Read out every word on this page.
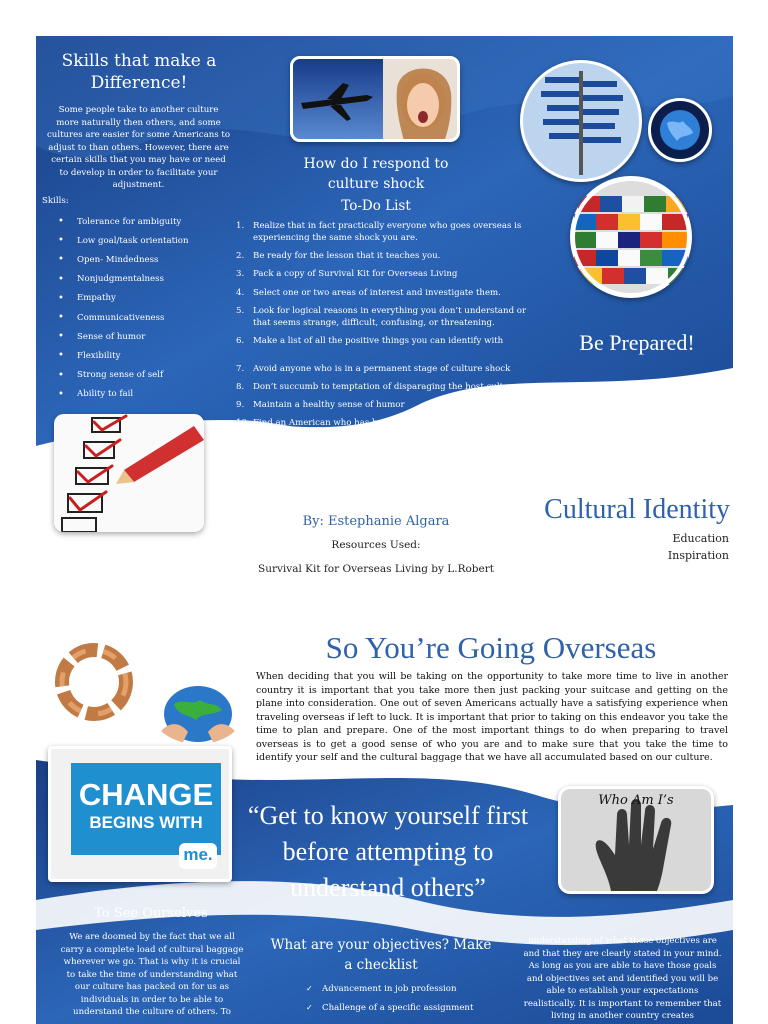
Skills that make a Difference!
Some people take to another culture more naturally then others, and some cultures are easier for some Americans to adjust to than others. However, there are certain skills that you may have or need to develop in order to facilitate your adjustment.
Skills:
• Tolerance for ambiguity
• Low goal/task orientation
• Open- Mindedness
• Nonjudgmentalness
• Empathy
• Communicativeness
• Sense of humor
• Flexibility
• Strong sense of self
• Ability to fail
How do I respond to culture shock
To-Do List
1.	Realize that in fact practically everyone who goes overseas is experiencing the same shock you are.
2.	Be ready for the lesson that it teaches you.
3.	Pack a copy of Survival Kit for Overseas Living
4.	Select one or two areas of interest and investigate them.
5.	Look for logical reasons in everything you don’t understand or that seems strange, difficult, confusing, or threatening.
6.	Make a list of all the positive things you can identify with
7.	Avoid anyone who is in a permanent stage of culture shock
8.	Don’t succumb to temptation of disparaging the host culture.
9.	Maintain a healthy sense of humor
10. Find an American who has been there longer, gone through culture shock, and has a positive attitude about the situation.
11. Make friends in host culture and enjoy the experience!
Be Prepared!
For Travel Overseas
By: Estephanie Algara
Resources Used:
Survival Kit for Overseas Living by L.Robert
Cultural Identity
Education
Inspiration
CHANGE
BEGINS WITH
me.
So You’re Going Overseas
When deciding that you will be taking on the opportunity to take more time to live in another country it is important that you take more then just packing your suitcase and getting on the plane into consideration. One out of seven Americans actually have a satisfying experience when traveling overseas if left to luck. It is important that prior to taking on this endeavor you take the time to plan and prepare. One of the most important things to do when preparing to travel overseas is to get a good sense of who you are and to make sure that you take the time to identify your self and the cultural baggage that we have all accumulated based on our culture.
“Get to know yourself first before attempting to understand others”
Who Am I’s
To See Ourselves
We are doomed by the fact that we all carry a complete load of cultural baggage wherever we go. That is why it is crucial to take the time of understanding what our culture has packed on for us as individuals in order to be able to understand the culture of others. To
What are your objectives? Make a checklist
✓ Advancement in job profession
✓ Challenge of a specific assignment
understanding of what those objectives are and that they are clearly stated in your mind. As long as you are able to have those goals and objectives set and identified you will be able to establish your expectations realistically. It is important to remember that living in another country creates
